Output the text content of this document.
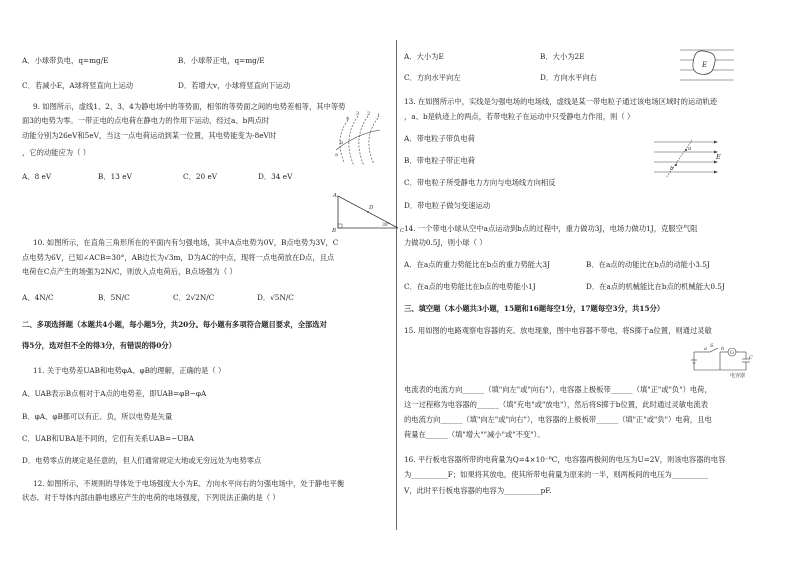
A．小球带负电，q=mg/E	B．小球带正电，q=mg/E
C．若减小E，A球将竖直向上运动	D．若增大v，小球将竖直向下运动
9. 如图所示，虚线1、2、3、4为静电场中的等势面，相邻的等势面之间的电势差相等，其中等势
面3的电势为零。一带正电的点电荷在静电力的作用下运动，经过a、b两点时
动能分别为26eV和5eV，当这一点电荷运动到某一位置，其电势能变为-8eV时
，它的动能应为（ ）
A．8 eV	B．13 eV	C．20 eV	D．34 eV
4
3 2 1
a
b
A
B	C
D
30°
10. 如图所示，在直角三角形所在的平面内有匀强电场，其中A点电势为0V，B点电势为3V，C
点电势为6V，已知∠ACB=30°，AB边长为√3m，D为AC的中点，现将一点电荷放在D点，且点
电荷在C点产生的场强为2N/C，则放入点电荷后，B点场强为（ ）
A．4N/C	B．5N/C	C．2√2N/C	D．√5N/C
二、多项选择题（本题共4小题，每小题5分，共20分。每小题有多项符合题目要求，全部选对
得5分，选对但不全的得3分，有错误的得0分）
11. 关于电势差UAB和电势φA、φB的理解，正确的是（ ）
A．UAB表示B点相对于A点的电势差，即UAB=φB−φA
B．φA、φB都可以有正、负，所以电势是矢量
C．UAB和UBA是不同的，它们有关系UAB=−UBA
D．电势零点的规定是任意的，但人们通常规定大地或无穷远处为电势零点
12. 如图所示，不规则的导体处于电场强度大小为E、方向水平向右的匀强电场中，处于静电平衡
状态。对于导体内部由静电感应产生的电荷的电场强度，下列说法正确的是（ ）
A．大小为E	B．大小为2E
C．方向水平向左	D．方向水平向右
E
13. 在如图所示中，实线是匀强电场的电场线，虚线是某一带电粒子通过该电场区域时的运动轨迹
，a、b是轨迹上的两点，若带电粒子在运动中只受静电力作用，则（ ）
A．带电粒子带负电荷
B．带电粒子带正电荷
C．带电粒子所受静电力方向与电场线方向相反
D．带电粒子做匀变速运动
a
b
E
14. 一个带电小球从空中a点运动到b点的过程中，重力做功3J，电场力做功1J，克服空气阻
力做功0.5J，则小球（ ）
A．在a点的重力势能比在b点的重力势能大3J	B．在a点的动能比在b点的动能小3.5J
C．在a点的电势能比在b点的电势能小1J	D．在a点的机械能比在b点的机械能大0.5J
三、填空题（本小题共3小题，15题和16题每空1分，17题每空3分，共15分）
15. 用如图的电路观察电容器的充、放电现象，图中电容器不带电，将S掷于a位置，则通过灵敏
G
a S b
C
电容器
电流表的电流方向______（填"向左"或"向右"），电容器上极板带______（填"正"或"负"）电荷，
这一过程称为电容器的______（填"充电"或"放电"），然后将S掷于b位置，此时通过灵敏电流表
的电流方向______（填"向左"或"向右"），电容器的上极板带______（填"正"或"负"）电荷，且电
荷量在______（填"增大""减小"或"不变"）。
16. 平行板电容器所带的电荷量为Q=4×10⁻⁸C，电容器两极间的电压为U=2V，则该电容器的电容
为__________F；如果将其放电，使其所带电荷量为原来的一半，则两板间的电压为__________
V，此时平行板电容器的电容为__________pF.
